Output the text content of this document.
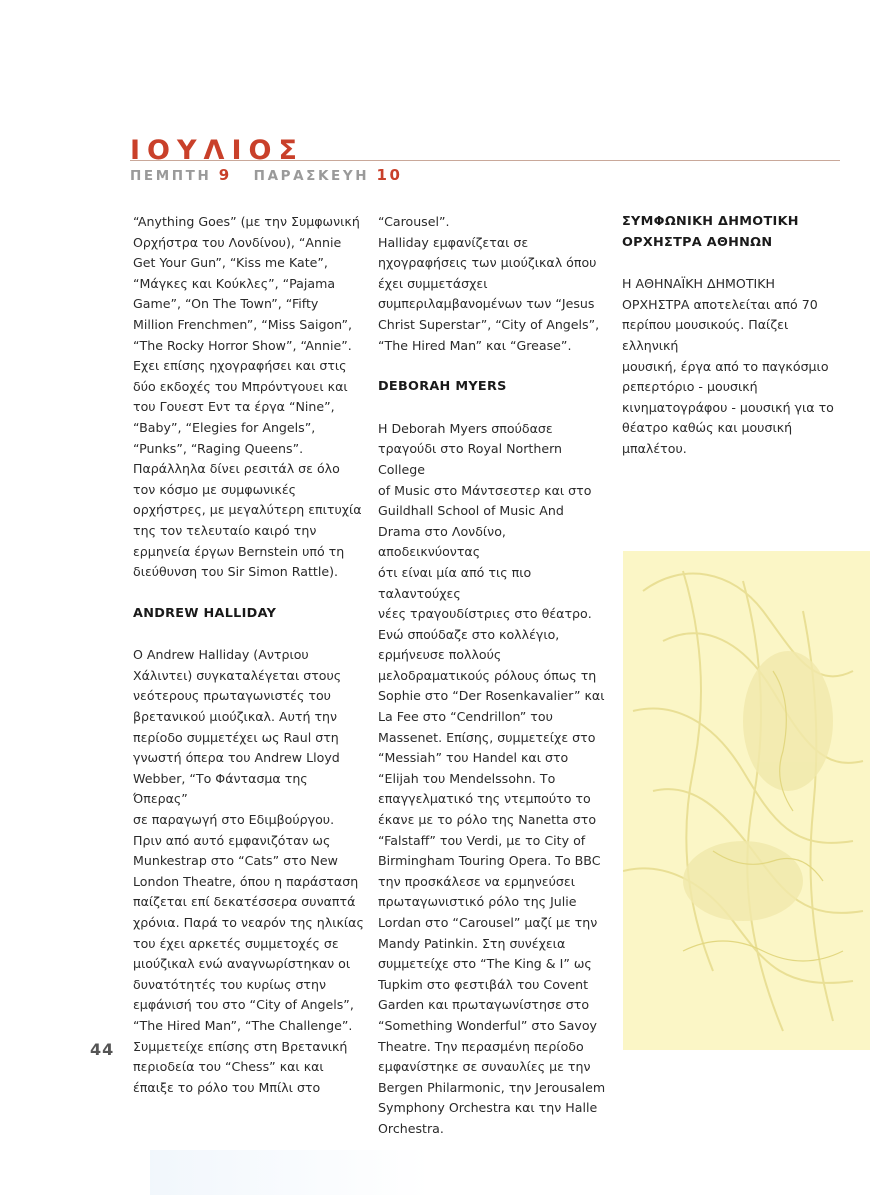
ΙΟΥΛΙΟΣ
ΠΕΜΠΤΗ 9 ΠΑΡΑΣΚΕΥΗ 10

“Anything Goes” (με την Συμφωνική

Ορχήστρα του Λονδίνου), “Annie

Get Your Gun”, “Kiss me Kate”,

“Μάγκες και Κούκλες”, “Pajama

Game”, “On The Town”, “Fifty

Million Frenchmen”, “Miss Saigon”,

“The Rocky Horror Show”, “Annie”.

Εχει επίσης ηχογραφήσει και στις

δύο εκδοχές του Μπρόντγουει και

του Γουεστ Εντ τα έργα “Nine”,

“Baby”, “Elegies for Angels”,

“Punks”, “Raging Queens”.

Παράλληλα δίνει ρεσιτάλ σε όλο

τον κόσμο με συμφωνικές

ορχήστρες, με μεγαλύτερη επιτυχία

της τον τελευταίο καιρό την

ερμηνεία έργων Bernstein υπό τη

διεύθυνση του Sir Simon Rattle).

ANDREW HALLIDAY

Ο Andrew Halliday (Αντριου

Χάλιντει) συγκαταλέγεται στους

νεότερους πρωταγωνιστές του

βρετανικού μιούζικαλ. Αυτή την

περίοδο συμμετέχει ως Raul στη

γνωστή όπερα του Andrew Lloyd

Webber, “Το Φάντασμα της Όπερας”

σε παραγωγή στο Εδιμβούργου.

Πριν από αυτό εμφανιζόταν ως

Munkestrap στο “Cats” στο New

London Theatre, όπου η παράσταση

παίζεται επί δεκατέσσερα συναπτά

χρόνια. Παρά το νεαρόν της ηλικίας

του έχει αρκετές συμμετοχές σε

μιούζικαλ ενώ αναγνωρίστηκαν οι

δυνατότητές του κυρίως στην

εμφάνισή του στο “City of Angels”,

“The Hired Man”, “The Challenge”.

Συμμετείχε επίσης στη Βρετανική

περιοδεία του “Chess” και και

έπαιξε το ρόλο του Μπίλι στο

“Carousel”.

Halliday εμφανίζεται σε

ηχογραφήσεις των μιούζικαλ όπου

έχει συμμετάσχει

συμπεριλαμβανομένων των “Jesus

Christ Superstar”, “City of Angels”,

“The Hired Man” και “Grease”.

DEBORAH MYERS

Η Deborah Myers σπούδασε

τραγούδι στο Royal Northern College

of Music στο Μάντσεστερ και στο

Guildhall School of Music And

Drama στο Λονδίνο, αποδεικνύοντας

ότι είναι μία από τις πιο ταλαντούχες

νέες τραγουδίστριες στο θέατρο.

Ενώ σπούδαζε στο κολλέγιο,

ερμήνευσε πολλούς

μελοδραματικούς ρόλους όπως τη

Sophie στο “Der Rosenkavalier” και

La Fee στο “Cendrillon” του

Massenet. Επίσης, συμμετείχε στο

“Messiah” του Handel και στο

“Elijah του Mendelssohn. Το

επαγγελματικό της ντεμπούτο το

έκανε με το ρόλο της Nanetta στο

“Falstaff” του Verdi, με το City of

Birmingham Touring Opera. Το BBC

την προσκάλεσε να ερμηνεύσει

πρωταγωνιστικό ρόλο της Julie

Lordan στο “Carousel” μαζί με την

Mandy Patinkin. Στη συνέχεια

συμμετείχε στο “The King & I” ως

Tupkim στο φεστιβάλ του Covent

Garden και πρωταγωνίστησε στο

“Something Wonderful” στο Savoy

Theatre. Την περασμένη περίοδο

εμφανίστηκε σε συναυλίες με την

Bergen Philarmonic, την Jerousalem

Symphony Orchestra και την Halle

Orchestra.

ΣΥΜΦΩΝΙΚΗ ΔΗΜΟΤΙΚΗ

ΟΡΧΗΣΤΡΑ ΑΘΗΝΩΝ

Η ΑΘΗΝΑΪΚΗ ΔΗΜΟΤΙΚΗ

ΟΡΧΗΣΤΡΑ αποτελείται από 70

περίπου μουσικούς. Παίζει ελληνική

μουσική, έργα από το παγκόσμιο

ρεπερτόριο - μουσική

κινηματογράφου - μουσική για το

θέατρο καθώς και μουσική

μπαλέτου.

44
